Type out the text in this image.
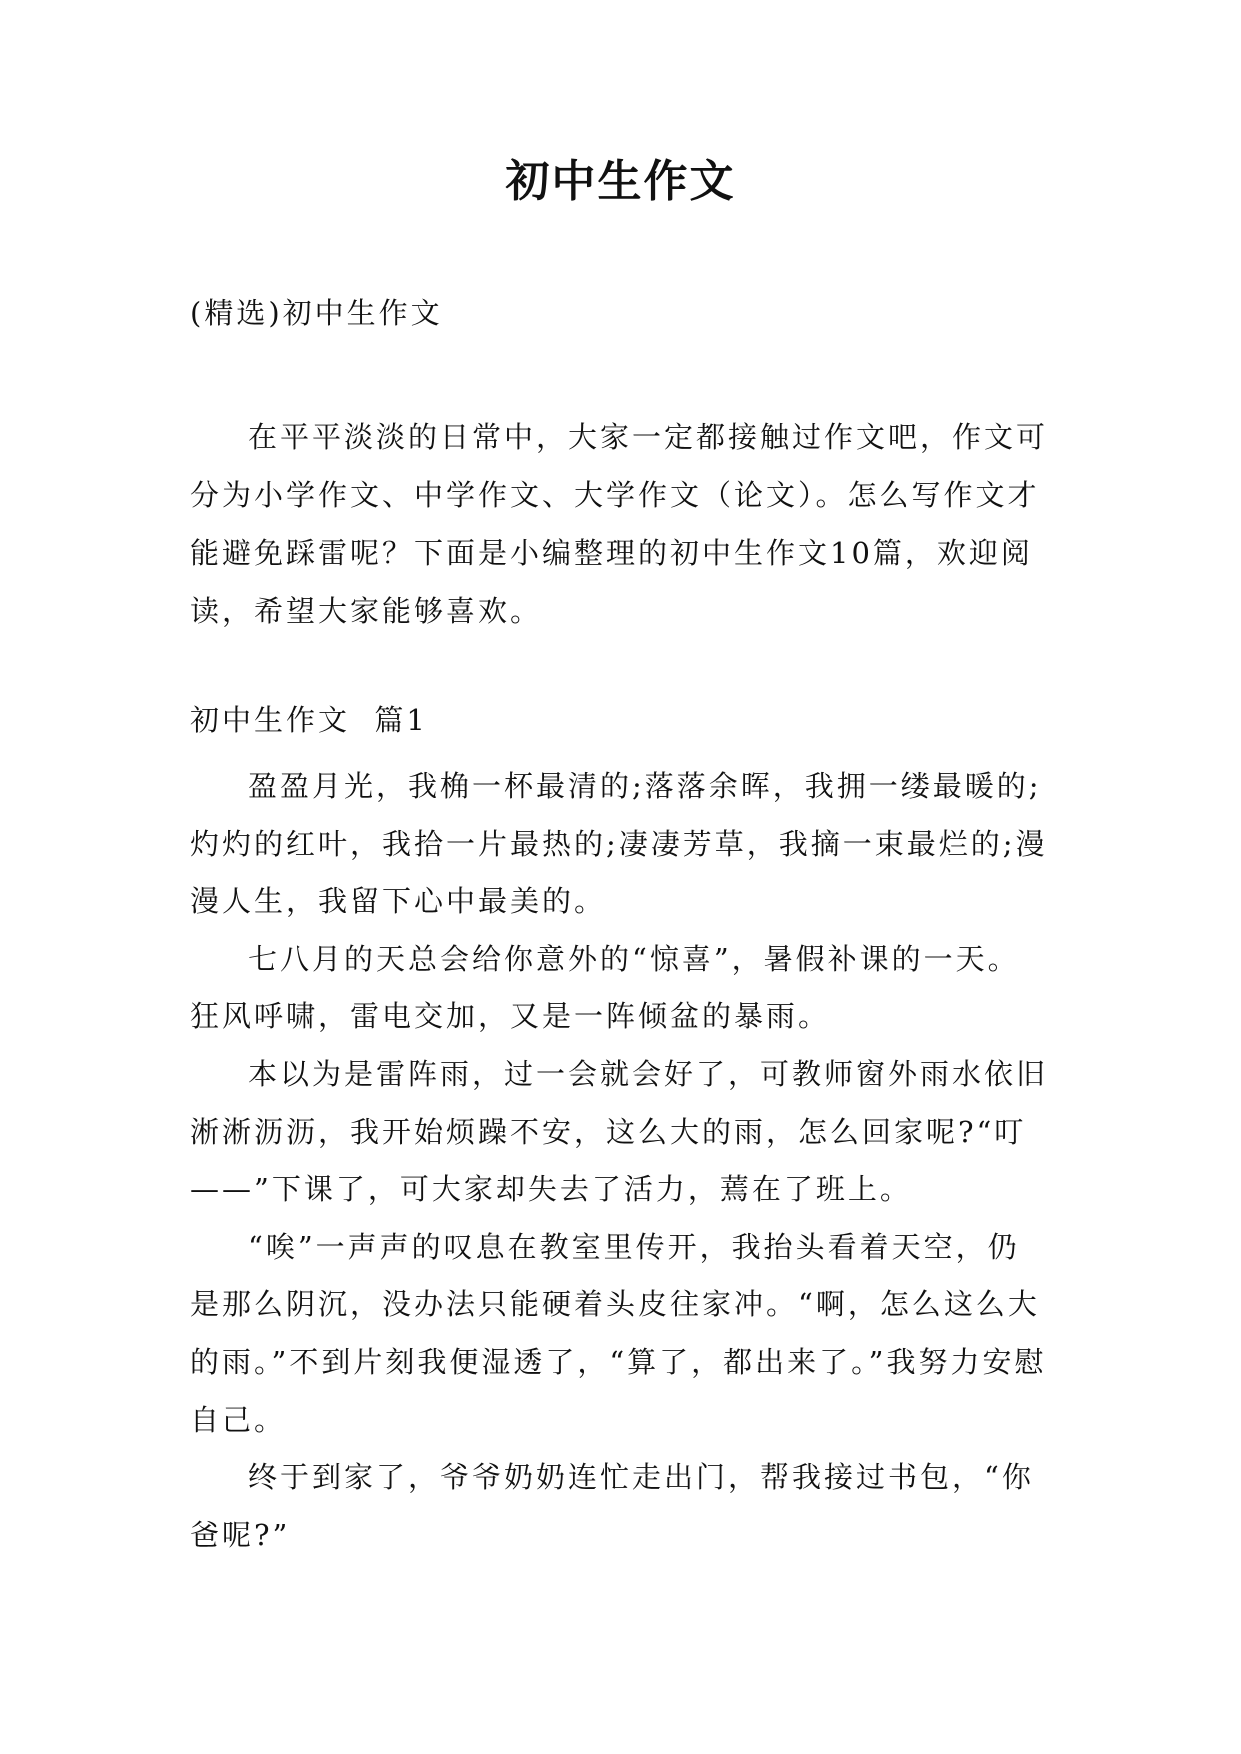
初中生作文
(精选)初中生作文

在平平淡淡的日常中，大家一定都接触过作文吧，作文可分为小学作文、中学作文、大学作文（论文）。怎么写作文才能避免踩雷呢？下面是小编整理的初中生作文10篇，欢迎阅读，希望大家能够喜欢。

初中生作文  篇1

盈盈月光，我桷一杯最清的;落落余晖，我拥一缕最暖的;灼灼的红叶，我拾一片最热的;凄凄芳草，我摘一束最烂的;漫漫人生，我留下心中最美的。

七八月的天总会给你意外的“惊喜”，暑假补课的一天。狂风呼啸，雷电交加，又是一阵倾盆的暴雨。

本以为是雷阵雨，过一会就会好了，可教师窗外雨水依旧淅淅沥沥，我开始烦躁不安，这么大的雨，怎么回家呢?“叮——”下课了，可大家却失去了活力，蔫在了班上。

“唉”一声声的叹息在教室里传开，我抬头看着天空，仍是那么阴沉，没办法只能硬着头皮往家冲。“啊，怎么这么大的雨。”不到片刻我便湿透了，“算了，都出来了。”我努力安慰自己。

终于到家了，爷爷奶奶连忙走出门，帮我接过书包，“你爸呢?”
